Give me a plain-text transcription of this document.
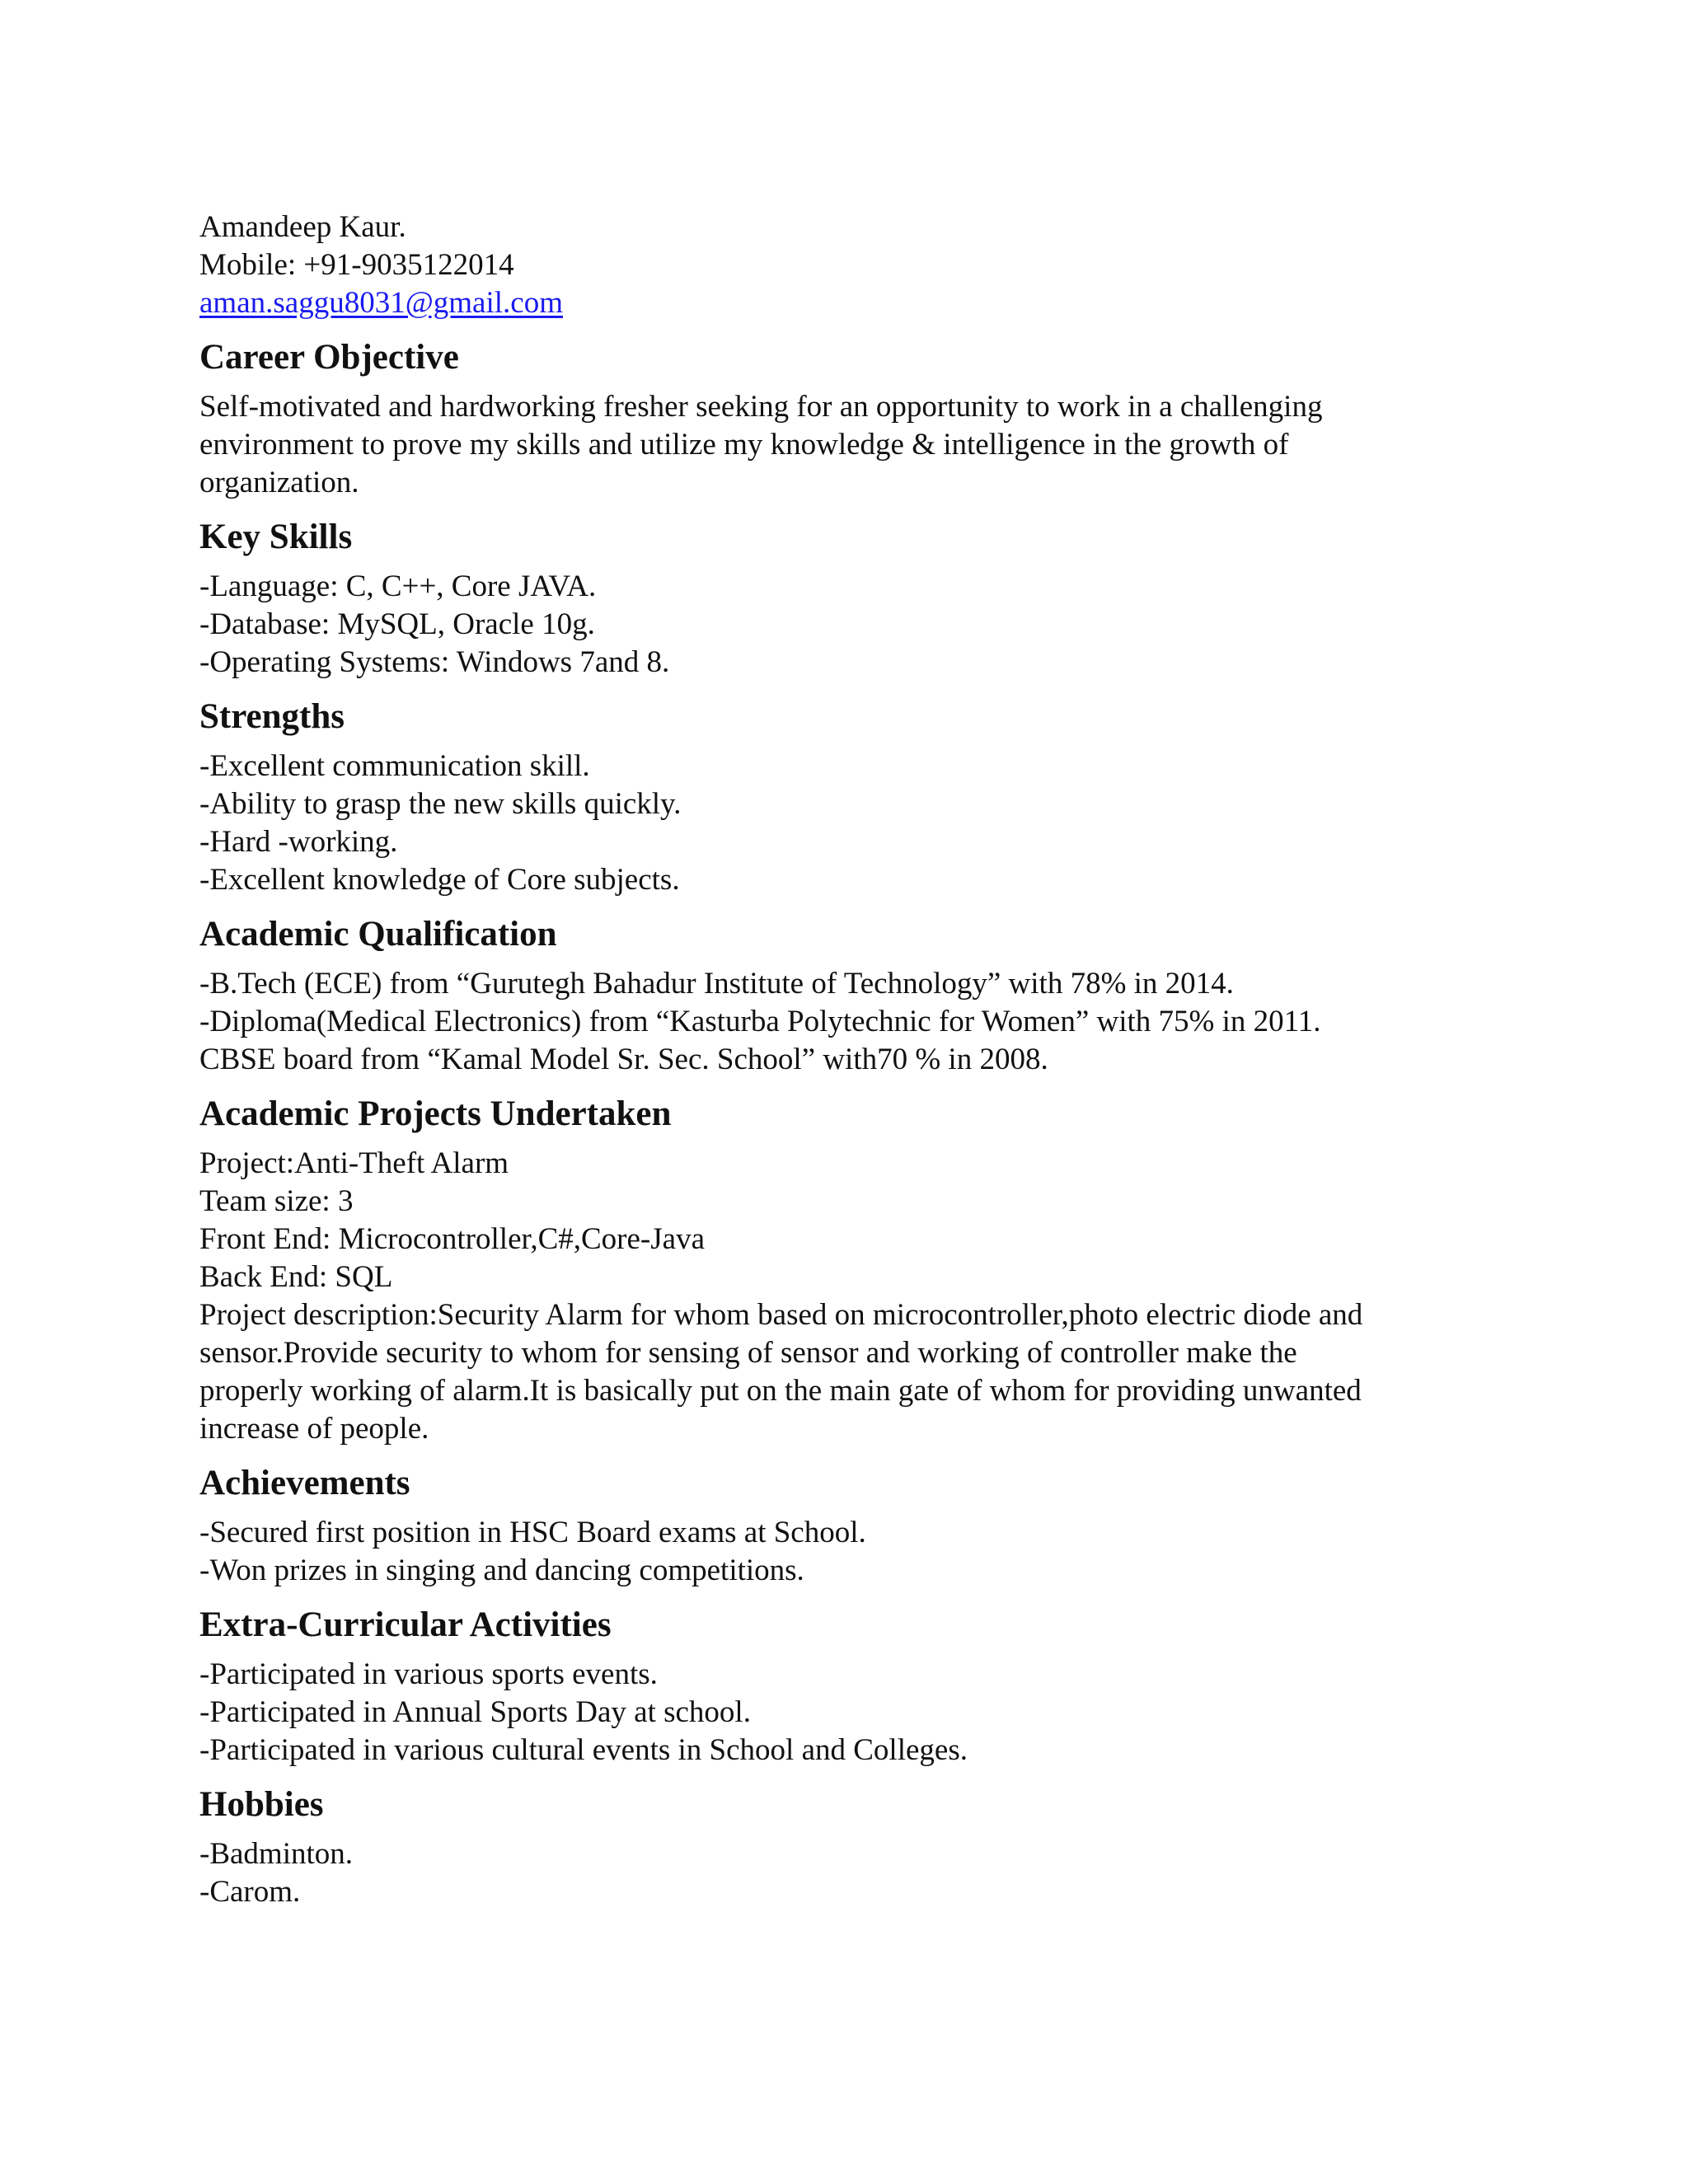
Amandeep Kaur.

Mobile: +91-9035122014

aman.saggu8031@gmail.com

Career Objective

Self-motivated and hardworking fresher seeking for an opportunity to work in a challenging

environment to prove my skills and utilize my knowledge & intelligence in the growth of

organization.

Key Skills

-Language: C, C++, Core JAVA.

-Database: MySQL, Oracle 10g.

-Operating Systems: Windows 7and 8.

Strengths

-Excellent communication skill.

-Ability to grasp the new skills quickly.

-Hard -working.

-Excellent knowledge of Core subjects.

Academic Qualification

-B.Tech (ECE) from “Gurutegh Bahadur Institute of Technology” with 78% in 2014.

-Diploma(Medical Electronics) from “Kasturba Polytechnic for Women” with 75% in 2011.

CBSE board from “Kamal Model Sr. Sec. School” with70 % in 2008.

Academic Projects Undertaken

Project:Anti-Theft Alarm

Team size: 3

Front End: Microcontroller,C#,Core-Java

Back End: SQL

Project description:Security Alarm for whom based on microcontroller,photo electric diode and

sensor.Provide security to whom for sensing of sensor and working of controller make the

properly working of alarm.It is basically put on the main gate of whom for providing unwanted

increase of people.

Achievements

-Secured first position in HSC Board exams at School.

-Won prizes in singing and dancing competitions.

Extra-Curricular Activities

-Participated in various sports events.

-Participated in Annual Sports Day at school.

-Participated in various cultural events in School and Colleges.

Hobbies

-Badminton.

-Carom.
